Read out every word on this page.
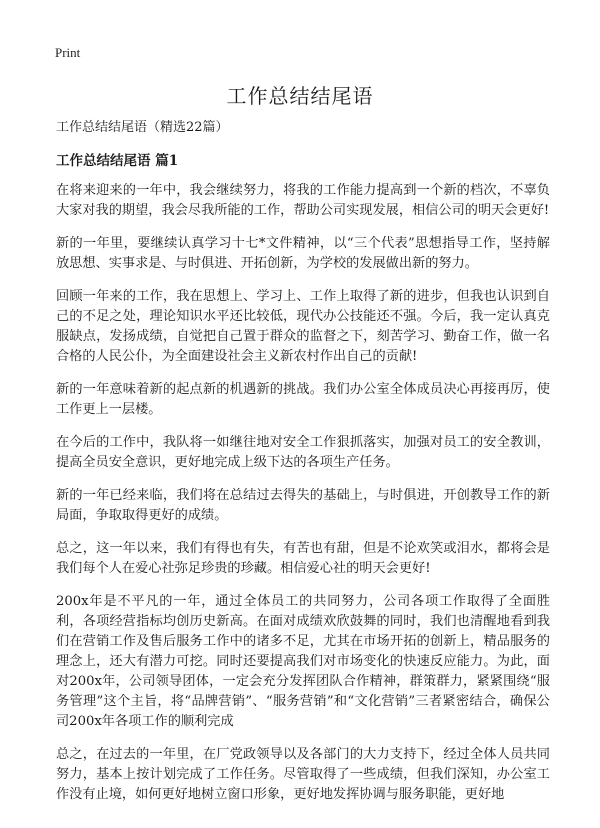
Print
工作总结结尾语

工作总结结尾语（精选22篇）

工作总结结尾语 篇1

在将来迎来的一年中，我会继续努力，将我的工作能力提高到一个新的档次，不辜负大家对我的期望，我会尽我所能的工作，帮助公司实现发展，相信公司的明天会更好!

新的一年里，要继续认真学习十七*文件精神，以“三个代表”思想指导工作，坚持解放思想、实事求是、与时俱进、开拓创新，为学校的发展做出新的努力。

回顾一年来的工作，我在思想上、学习上、工作上取得了新的进步，但我也认识到自己的不足之处，理论知识水平还比较低，现代办公技能还不强。今后，我一定认真克服缺点，发扬成绩，自觉把自己置于群众的监督之下，刻苦学习、勤奋工作，做一名合格的人民公仆，为全面建设社会主义新农村作出自己的贡献!

新的一年意味着新的起点新的机遇新的挑战。我们办公室全体成员决心再接再厉，使工作更上一层楼。

在今后的工作中，我队将一如继往地对安全工作狠抓落实，加强对员工的安全教训，提高全员安全意识，更好地完成上级下达的各项生产任务。

新的一年已经来临，我们将在总结过去得失的基础上，与时俱进，开创教导工作的新局面，争取取得更好的成绩。

总之，这一年以来，我们有得也有失，有苦也有甜，但是不论欢笑或泪水，都将会是我们每个人在爱心社弥足珍贵的珍藏。相信爱心社的明天会更好!

200x年是不平凡的一年，通过全体员工的共同努力，公司各项工作取得了全面胜利，各项经营指标均创历史新高。在面对成绩欢欣鼓舞的同时，我们也清醒地看到我们在营销工作及售后服务工作中的诸多不足，尤其在市场开拓的创新上，精品服务的理念上，还大有潜力可挖。同时还要提高我们对市场变化的快速反应能力。为此，面对200x年，公司领导团体，一定会充分发挥团队合作精神，群策群力，紧紧围绕“服务管理”这个主旨，将“品牌营销”、“服务营销”和“文化营销”三者紧密结合，确保公司200x年各项工作的顺利完成

总之，在过去的一年里，在厂党政领导以及各部门的大力支持下，经过全体人员共同努力，基本上按计划完成了工作任务。尽管取得了一些成绩，但我们深知，办公室工作没有止境，如何更好地树立窗口形象，更好地发挥协调与服务职能，更好地
